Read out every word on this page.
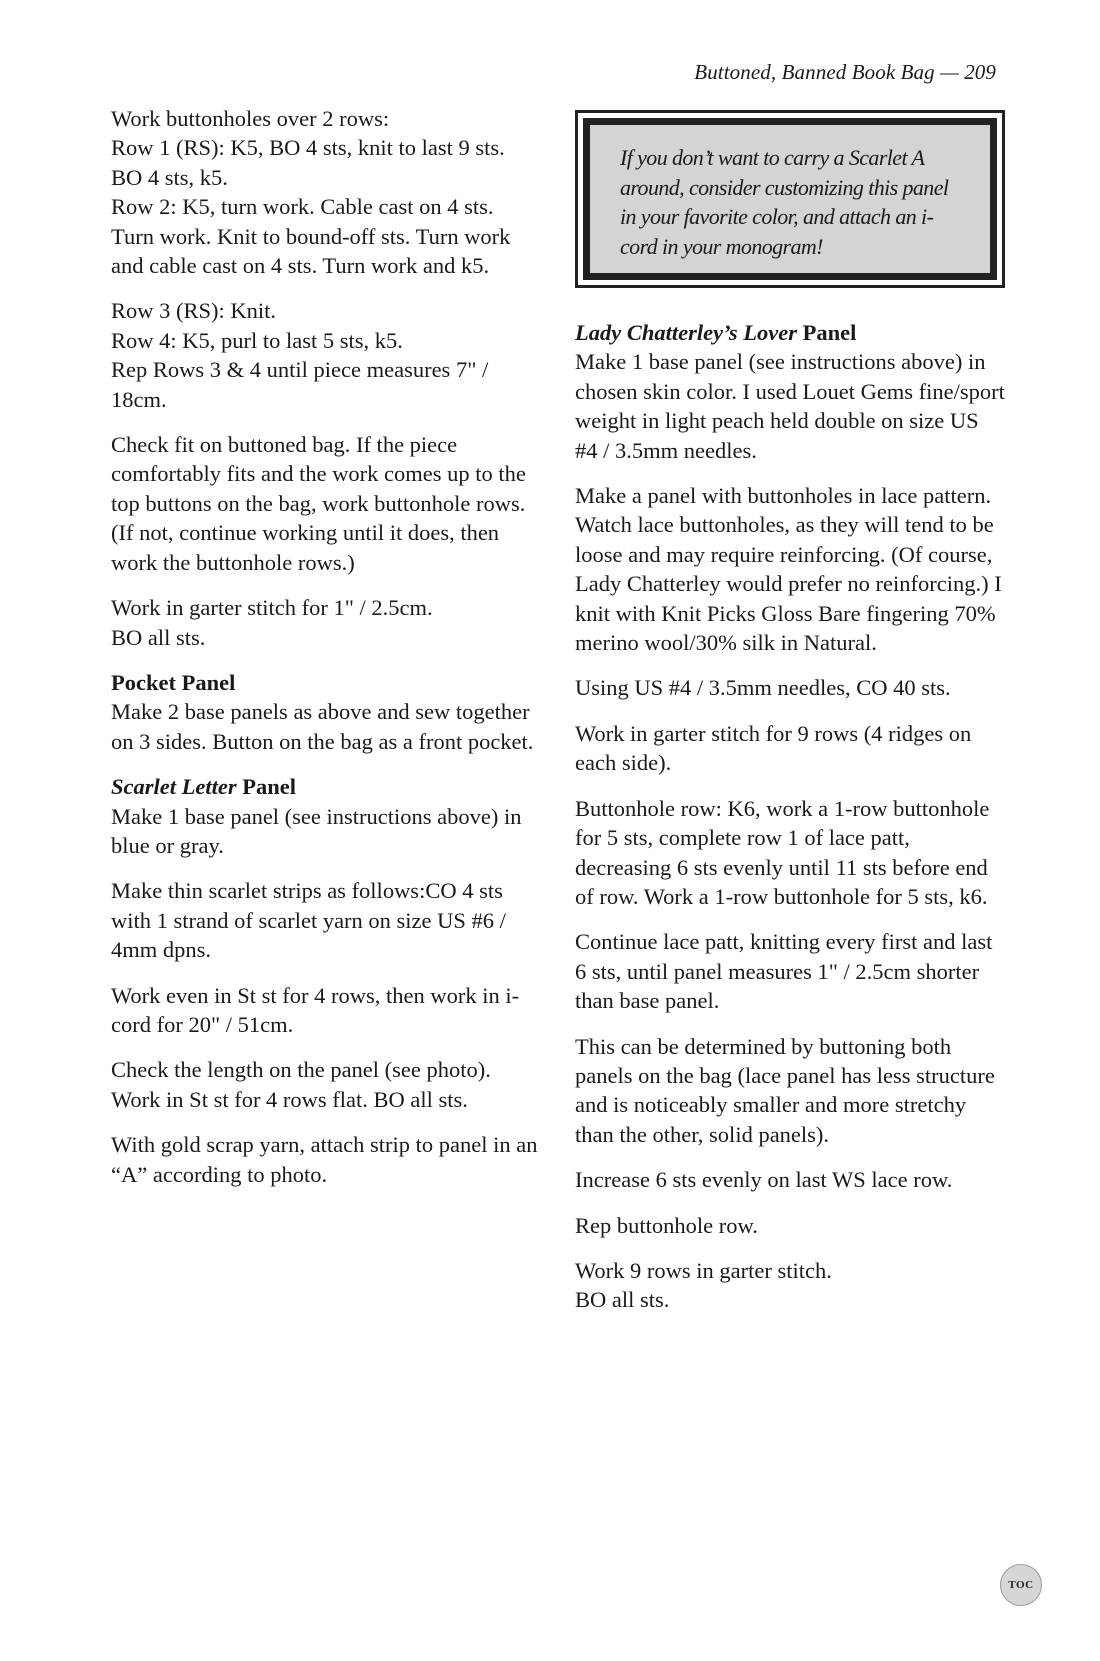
Buttoned, Banned Book Bag — 209

Work buttonholes over 2 rows:
Row 1 (RS): K5, BO 4 sts, knit to last 9 sts. BO 4 sts, k5.
Row 2: K5, turn work. Cable cast on 4 sts. Turn work. Knit to bound-off sts. Turn work and cable cast on 4 sts. Turn work and k5.

Row 3 (RS): Knit.
Row 4: K5, purl to last 5 sts, k5.
Rep Rows 3 & 4 until piece measures 7" / 18cm.

Check fit on buttoned bag. If the piece comfortably fits and the work comes up to the top buttons on the bag, work buttonhole rows. (If not, continue working until it does, then work the buttonhole rows.)

Work in garter stitch for 1" / 2.5cm.
BO all sts.

Pocket Panel

Make 2 base panels as above and sew together on 3 sides. Button on the bag as a front pocket.

Scarlet Letter Panel

Make 1 base panel (see instructions above) in blue or gray.

Make thin scarlet strips as follows:CO 4 sts with 1 strand of scarlet yarn on size US #6 / 4mm dpns.

Work even in St st for 4 rows, then work in i-cord for 20" / 51cm.

Check the length on the panel (see photo). Work in St st for 4 rows flat. BO all sts.

With gold scrap yarn, attach strip to panel in an “A” according to photo.

If you don’t want to carry a Scarlet A around, consider customizing this panel in your favorite color, and attach an i-cord in your monogram!

Lady Chatterley’s Lover Panel

Make 1 base panel (see instructions above) in chosen skin color. I used Louet Gems fine/sport weight in light peach held double on size US #4 / 3.5mm needles.

Make a panel with buttonholes in lace pattern. Watch lace buttonholes, as they will tend to be loose and may require reinforcing. (Of course, Lady Chatterley would prefer no reinforcing.) I knit with Knit Picks Gloss Bare fingering 70% merino wool/30% silk in Natural.

Using US #4 / 3.5mm needles, CO 40 sts.

Work in garter stitch for 9 rows (4 ridges on each side).

Buttonhole row: K6, work a 1-row buttonhole for 5 sts, complete row 1 of lace patt, decreasing 6 sts evenly until 11 sts before end of row. Work a 1-row buttonhole for 5 sts, k6.

Continue lace patt, knitting every first and last 6 sts, until panel measures 1" / 2.5cm shorter than base panel.

This can be determined by buttoning both panels on the bag (lace panel has less structure and is noticeably smaller and more stretchy than the other, solid panels).

Increase 6 sts evenly on last WS lace row.

Rep buttonhole row.

Work 9 rows in garter stitch.
BO all sts.

TOC
